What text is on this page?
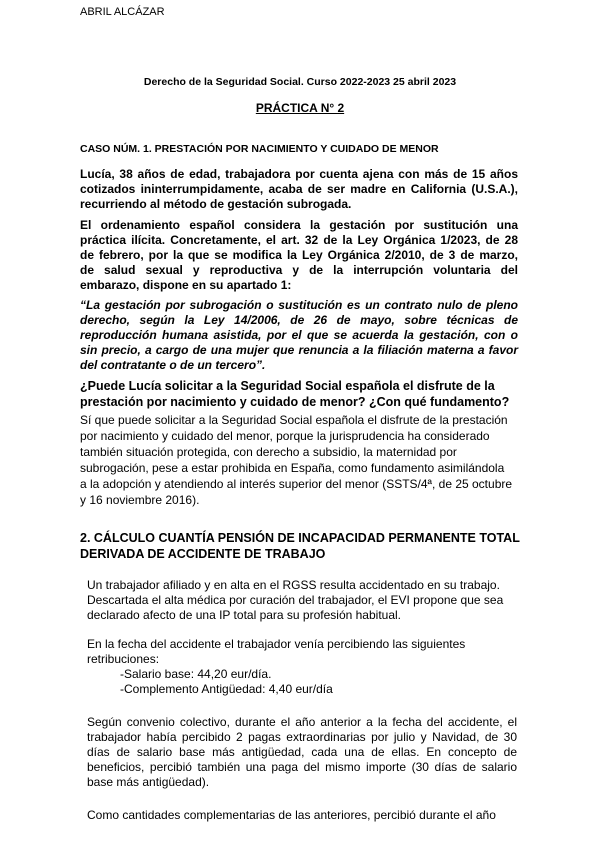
ABRIL ALCÁZAR
Derecho de la Seguridad Social. Curso 2022-2023 25 abril 2023
PRÁCTICA N° 2
CASO NÚM. 1. PRESTACIÓN POR NACIMIENTO Y CUIDADO DE MENOR

Lucía, 38 años de edad, trabajadora por cuenta ajena con más de 15 años

cotizados ininterrumpidamente, acaba de ser madre en California (U.S.A.),

recurriendo al método de gestación subrogada.

El ordenamiento español considera la gestación por sustitución una

práctica ilícita. Concretamente, el art. 32 de la Ley Orgánica 1/2023, de 28

de febrero, por la que se modifica la Ley Orgánica 2/2010, de 3 de marzo,

de salud sexual y reproductiva y de la interrupción voluntaria del

embarazo, dispone en su apartado 1:

“La gestación por subrogación o sustitución es un contrato nulo de pleno

derecho, según la Ley 14/2006, de 26 de mayo, sobre técnicas de

reproducción humana asistida, por el que se acuerda la gestación, con o

sin precio, a cargo de una mujer que renuncia a la filiación materna a favor

del contratante o de un tercero”.

¿Puede Lucía solicitar a la Seguridad Social española el disfrute de la
prestación por nacimiento y cuidado de menor? ¿Con qué fundamento?
Sí que puede solicitar a la Seguridad Social española el disfrute de la prestación
por nacimiento y cuidado del menor, porque la jurisprudencia ha considerado
también situación protegida, con derecho a subsidio, la maternidad por
subrogación, pese a estar prohibida en España, como fundamento asimilándola
a la adopción y atendiendo al interés superior del menor (SSTS/4ª, de 25 octubre
y 16 noviembre 2016).
2. CÁLCULO CUANTÍA PENSIÓN DE INCAPACIDAD PERMANENTE TOTAL
DERIVADA DE ACCIDENTE DE TRABAJO

Un trabajador afiliado y en alta en el RGSS resulta accidentado en su trabajo.

Descartada el alta médica por curación del trabajador, el EVI propone que sea

declarado afecto de una IP total para su profesión habitual.

En la fecha del accidente el trabajador venía percibiendo las siguientes

retribuciones:

-Salario base: 44,20 eur/día.

-Complemento Antigüedad: 4,40 eur/día

Según convenio colectivo, durante el año anterior a la fecha del accidente, el

trabajador había percibido 2 pagas extraordinarias por julio y Navidad, de 30

días de salario base más antigüedad, cada una de ellas. En concepto de

beneficios, percibió también una paga del mismo importe (30 días de salario

base más antigüedad).

Como cantidades complementarias de las anteriores, percibió durante el año
